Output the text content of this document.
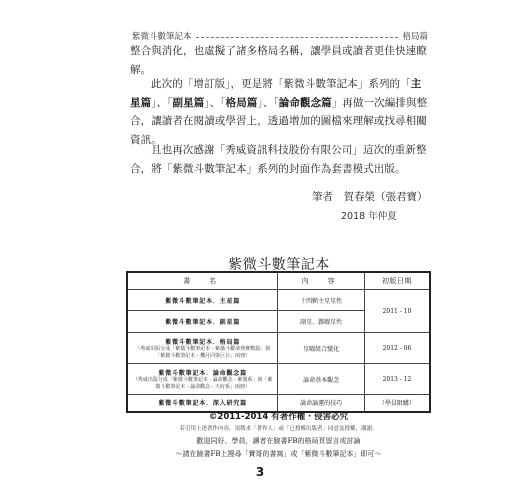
紫微斗數筆記本	格局篇

整合與消化，也虛擬了諸多格局名稱，讓學員或讀者更佳快速瞭解。

此次的「增訂版」，更是將「紫微斗數筆記本」系列的「主星篇」、「副星篇」、「格局篇」、「論命觀念篇」再做一次編排與整合，讓讀者在閱讀或學習上，透過增加的圖檔來理解或找尋相關資訊。

且也再次感謝「秀威資訊科技股份有限公司」這次的重新整合，將「紫微斗數筆記本」系列的封面作為套書模式出版。

筆者　賀春榮（張君寶）
2018 年仲夏
紫微斗數筆記本
書　名	內　容	初版日期
紫微斗數筆記本．主星篇	十四顆主星星性	2011 - 10
紫微斗數筆記本．副星篇	副星、雜曜星性	
紫微斗數筆記本．格局篇
（秀威出版分成「紫微斗數筆記本 - 紫薇斗數命理實戰篇」與「紫微斗數筆記本 - 機月同梁巨日」兩冊）	星曜組合變化	2012 - 06
紫微斗數筆記本．論命觀念篇
（秀威出版分成「紫微斗數筆記本 - 論命觀念 - 紫微系」與「紫微斗數筆記本 - 論命觀念 - 天府系」兩冊）	論命基本觀念	2013 - 12
紫微斗數筆記本．深入研究篇	論命論運的技巧	（學員限購）
©2011-2014 有著作權 ‧ 侵害必究
若引用上述著作內容，須徵求「著作人」或「已授權出版者」同意及授權，謝謝。
歡迎同好、學員，讀者在臉書FB的格局頁留言或討論
～請在臉書FB上搜尋「寶哥的書窩」或「紫微斗數筆記本」即可～
3
